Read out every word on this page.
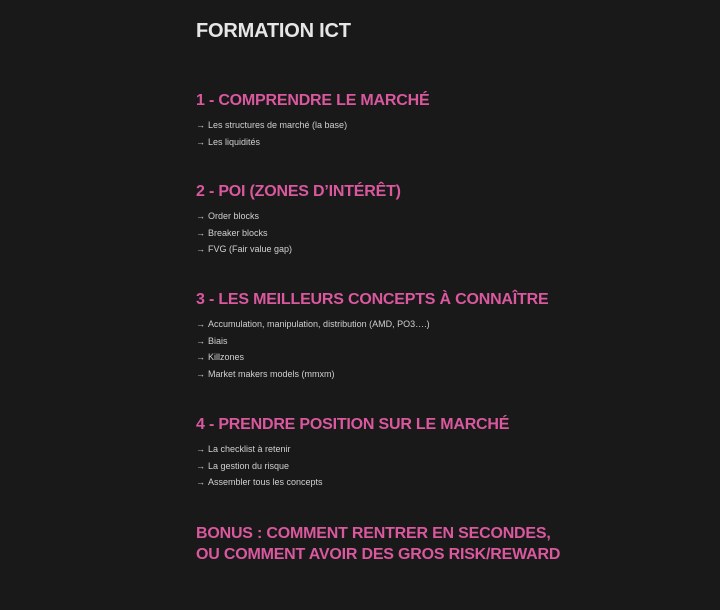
FORMATION ICT
1 - COMPRENDRE LE MARCHÉ
→ Les structures de marché (la base)
→ Les liquidités
2 - POI (ZONES D’INTÉRÊT)
→ Order blocks
→ Breaker blocks
→ FVG (Fair value gap)
3 - LES MEILLEURS CONCEPTS À CONNAÎTRE
→ Accumulation, manipulation, distribution (AMD, PO3….)
→ Biais
→ Killzones
→ Market makers models (mmxm)
4 - PRENDRE POSITION SUR LE MARCHÉ
→ La checklist à retenir
→ La gestion du risque
→ Assembler tous les concepts
BONUS : COMMENT RENTRER EN SECONDES, OU COMMENT AVOIR DES GROS RISK/REWARD
